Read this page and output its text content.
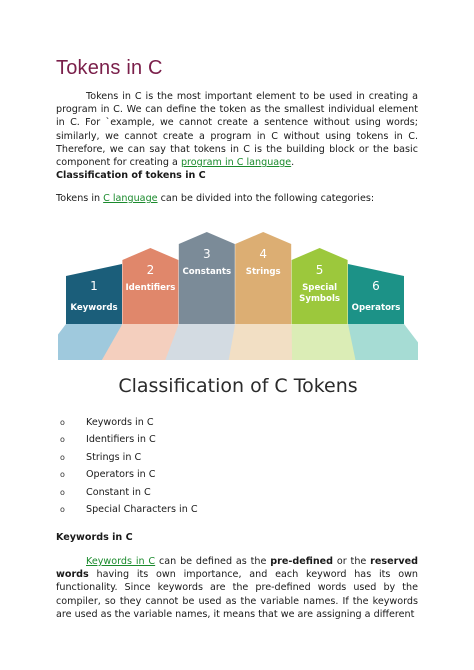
Tokens in C

Tokens in C is the most important element to be used in creating a program in C. We can define the token as the smallest individual element in C. For `example, we cannot create a sentence without using words; similarly, we cannot create a program in C without using tokens in C. Therefore, we can say that tokens in C is the building block or the basic component for creating a program in C language.

Classification of tokens in C

Tokens in C language can be divided into the following categories:

1
Keywords
2
Identifiers
3
Constants
4
Strings	5
Special Symbols
6
Operators
Classification of C Tokens
o	Keywords in C
o	Identifiers in C
o	Strings in C
o	Operators in C
o	Constant in C
o	Special Characters in C
Keywords in C

Keywords in C can be defined as the pre-defined or the reserved words having its own importance, and each keyword has its own functionality. Since keywords are the pre-defined words used by the compiler, so they cannot be used as the variable names. If the keywords are used as the variable names, it means that we are assigning a different
